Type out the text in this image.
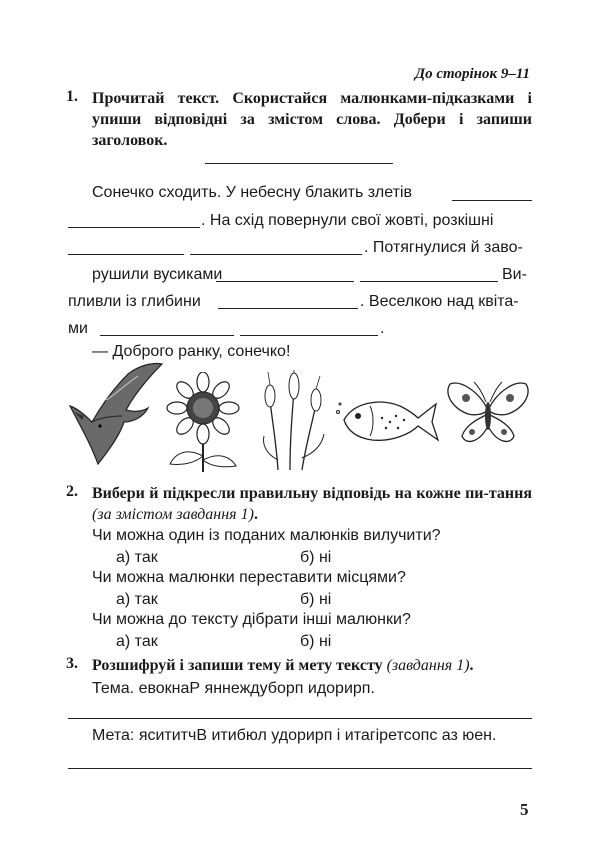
До сторінок 9–11
1. Прочитай текст. Скористайся малюнками-підказками і упиши відповідні за змістом слова. Добери і запиши заголовок.
Сонечко сходить. У небесну блакить злетів
. На схід повернули свої жовті, розкішні
. Потягнулися й заво-
рушили вусиками	Ви-
пливли із глибини	. Веселкою над квіта-
ми	.
— Доброго ранку, сонечко!
2. Вибери й підкресли правильну відповідь на кожне пи-тання (за змістом завдання 1).
Чи можна один із поданих малюнків вилучити?
а) так	б) ні
Чи можна малюнки переставити місцями?
а) так	б) ні
Чи можна до тексту дібрати інші малюнки?
а) так	б) ні
3. Розшифруй і запиши тему й мету тексту (завдання 1).
Тема. евокнаР яннеждуборп идорирп.
Мета: ясититчВ итибюл удорирп і итагіретсопс аз юен.
5
